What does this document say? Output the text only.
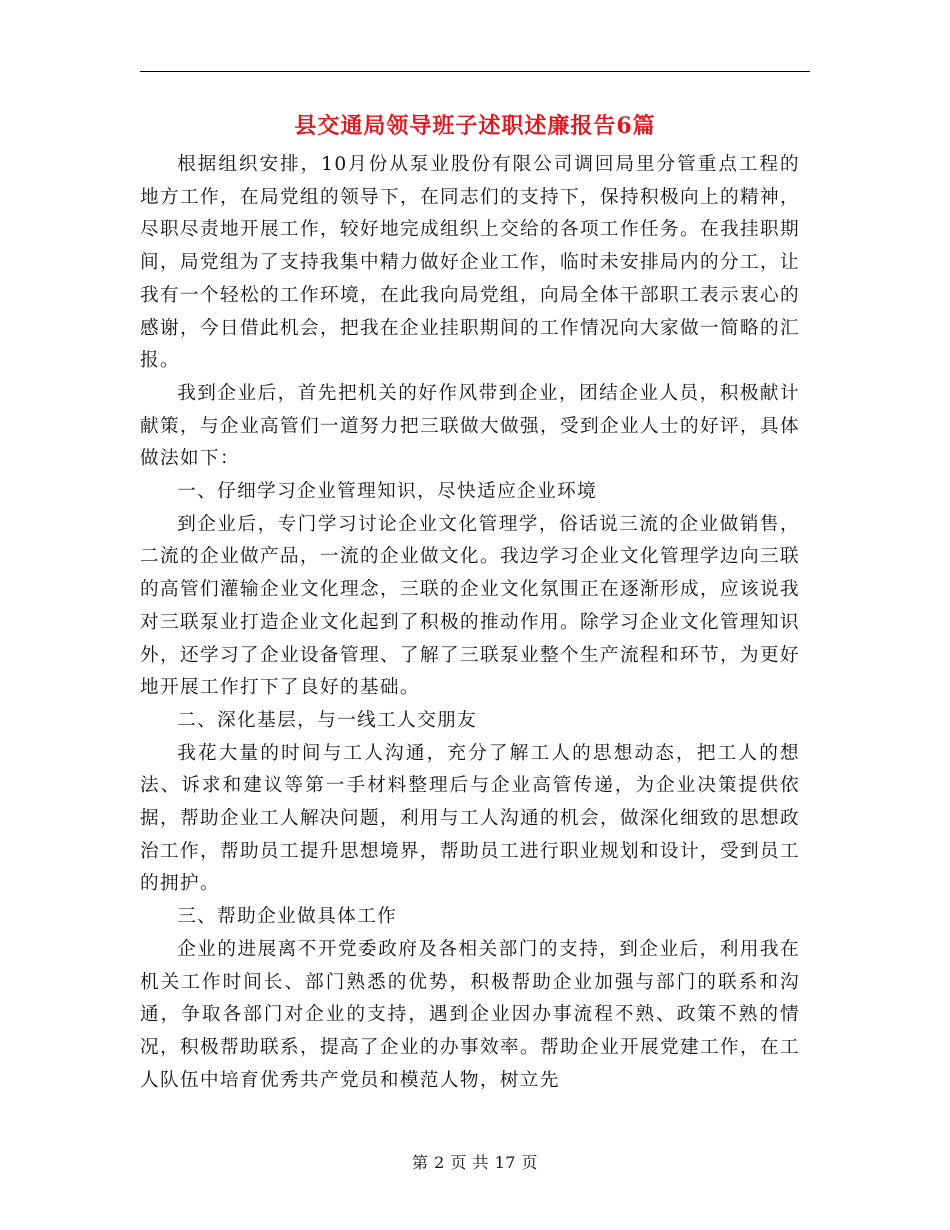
县交通局领导班子述职述廉报告6篇

根据组织安排，10月份从泵业股份有限公司调回局里分管重点工程的地方工作，在局党组的领导下，在同志们的支持下，保持积极向上的精神，尽职尽责地开展工作，较好地完成组织上交给的各项工作任务。在我挂职期间，局党组为了支持我集中精力做好企业工作，临时未安排局内的分工，让我有一个轻松的工作环境，在此我向局党组，向局全体干部职工表示衷心的感谢，今日借此机会，把我在企业挂职期间的工作情况向大家做一简略的汇报。

我到企业后，首先把机关的好作风带到企业，团结企业人员，积极献计献策，与企业高管们一道努力把三联做大做强，受到企业人士的好评，具体做法如下：

一、仔细学习企业管理知识，尽快适应企业环境

到企业后，专门学习讨论企业文化管理学，俗话说三流的企业做销售，二流的企业做产品，一流的企业做文化。我边学习企业文化管理学边向三联的高管们灌输企业文化理念，三联的企业文化氛围正在逐渐形成，应该说我对三联泵业打造企业文化起到了积极的推动作用。除学习企业文化管理知识外，还学习了企业设备管理、了解了三联泵业整个生产流程和环节，为更好地开展工作打下了良好的基础。

二、深化基层，与一线工人交朋友

我花大量的时间与工人沟通，充分了解工人的思想动态，把工人的想法、诉求和建议等第一手材料整理后与企业高管传递，为企业决策提供依据，帮助企业工人解决问题，利用与工人沟通的机会，做深化细致的思想政治工作，帮助员工提升思想境界，帮助员工进行职业规划和设计，受到员工的拥护。

三、帮助企业做具体工作

企业的进展离不开党委政府及各相关部门的支持，到企业后，利用我在机关工作时间长、部门熟悉的优势，积极帮助企业加强与部门的联系和沟通，争取各部门对企业的支持，遇到企业因办事流程不熟、政策不熟的情况，积极帮助联系，提高了企业的办事效率。帮助企业开展党建工作，在工人队伍中培育优秀共产党员和模范人物，树立先

第 2 页 共 17 页
